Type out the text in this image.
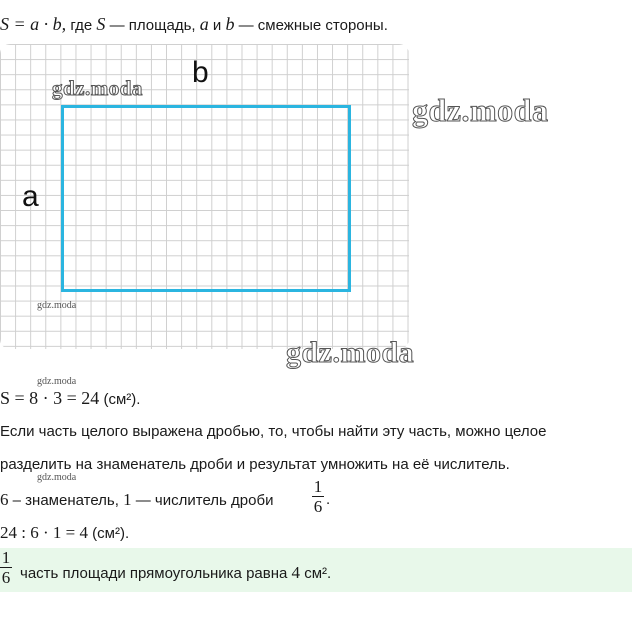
S = a · b, где S — площадь, a и b — смежные стороны.
b
a
gdz.moda
gdz.moda
gdz.moda
gdz.moda
gdz.moda
gdz.moda
S = 8 · 3 = 24 (см²).
Если часть целого выражена дробью, то, чтобы найти эту часть, можно целое
разделить на знаменатель дроби и результат умножить на её числитель.
6 – знаменатель, 1 — числитель дроби
1
6 .
24 : 6 · 1 = 4 (см²).
1
6 часть площади прямоугольника равна 4 см².
